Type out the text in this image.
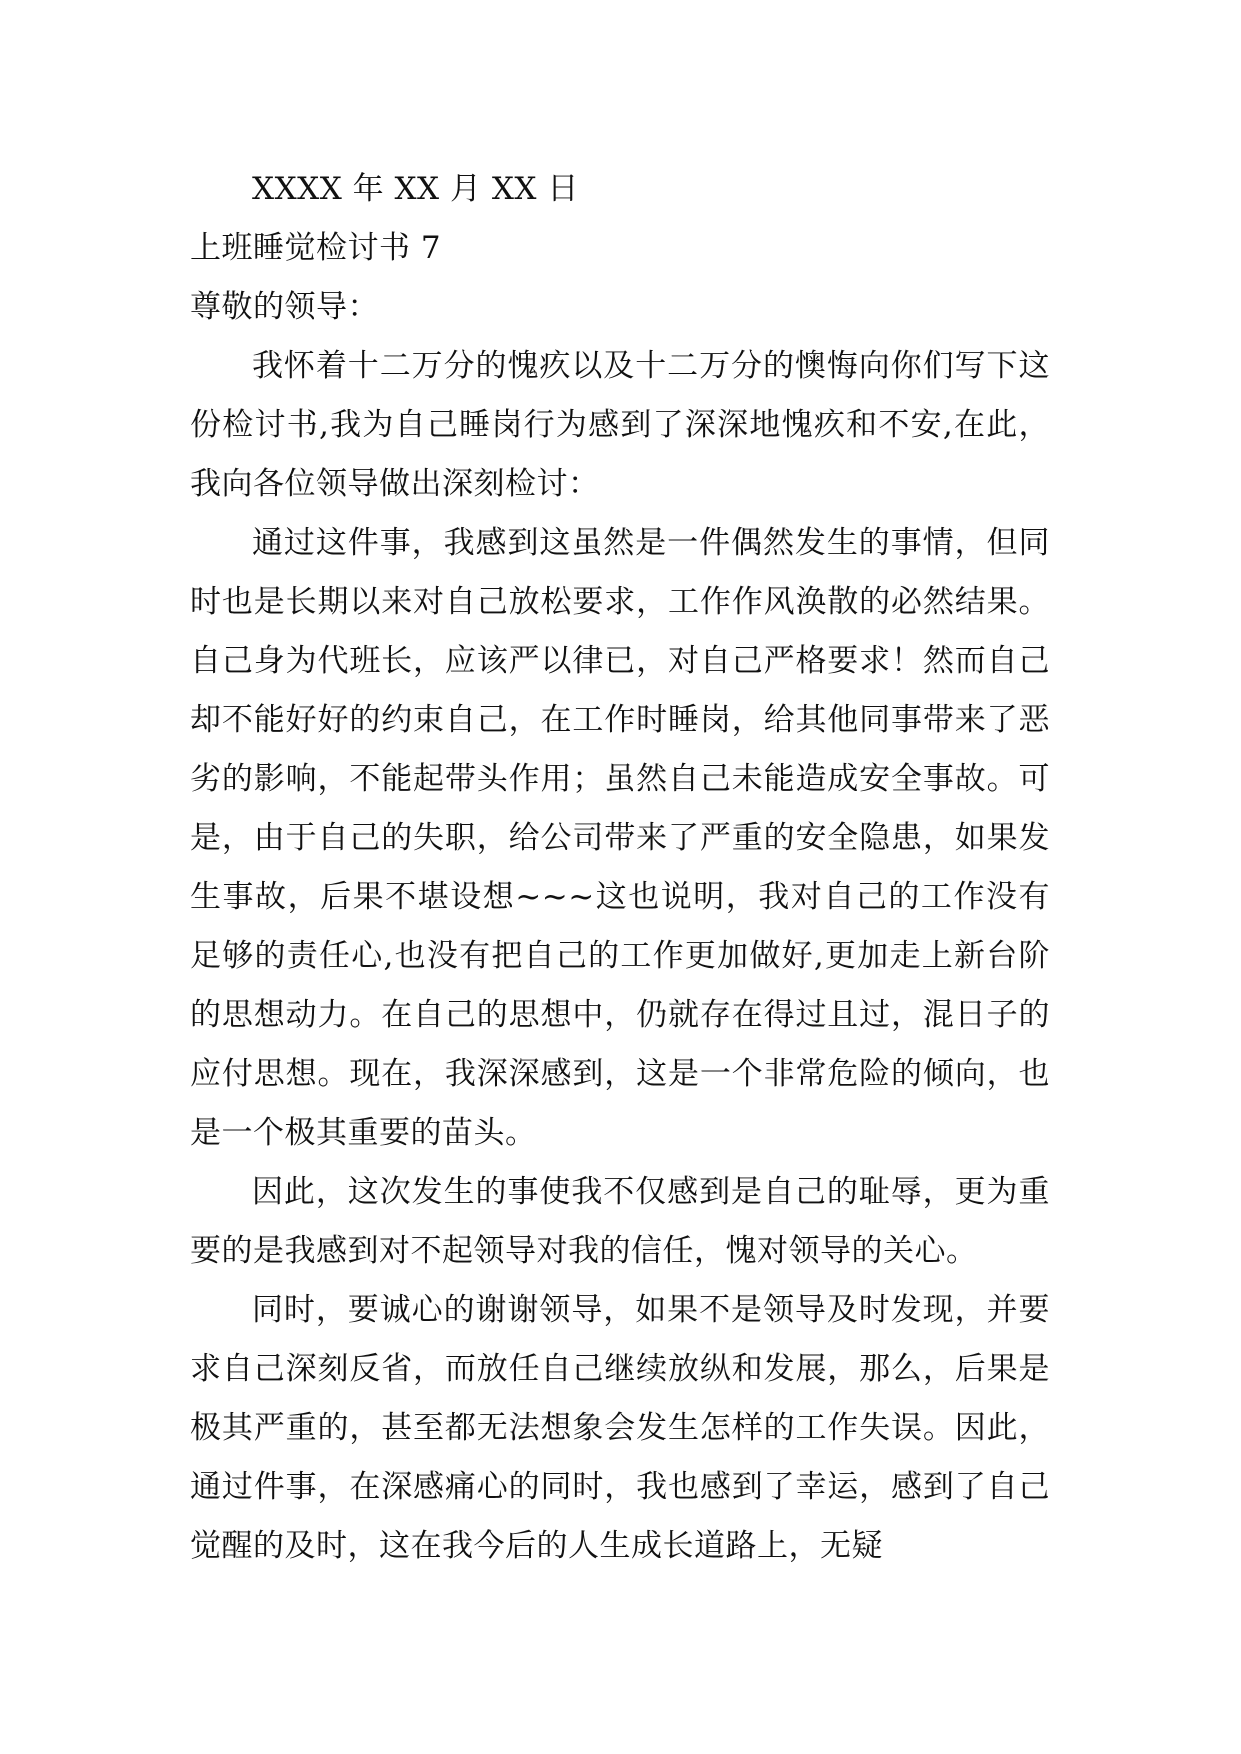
XXXX 年 XX 月 XX 日
上班睡觉检讨书 7
尊敬的领导：

我怀着十二万分的愧疚以及十二万分的懊悔向你们写下这份检讨书,我为自己睡岗行为感到了深深地愧疚和不安,在此，我向各位领导做出深刻检讨：

通过这件事，我感到这虽然是一件偶然发生的事情，但同时也是长期以来对自己放松要求，工作作风涣散的必然结果。自己身为代班长，应该严以律已，对自己严格要求！然而自己却不能好好的约束自己，在工作时睡岗，给其他同事带来了恶劣的影响，不能起带头作用；虽然自己未能造成安全事故。可是，由于自己的失职，给公司带来了严重的安全隐患，如果发生事故，后果不堪设想~~~这也说明，我对自己的工作没有足够的责任心,也没有把自己的工作更加做好,更加走上新台阶的思想动力。在自己的思想中，仍就存在得过且过，混日子的应付思想。现在，我深深感到，这是一个非常危险的倾向，也是一个极其重要的苗头。

因此，这次发生的事使我不仅感到是自己的耻辱，更为重要的是我感到对不起领导对我的信任，愧对领导的关心。

同时，要诚心的谢谢领导，如果不是领导及时发现，并要求自己深刻反省，而放任自己继续放纵和发展，那么，后果是极其严重的，甚至都无法想象会发生怎样的工作失误。因此，通过件事，在深感痛心的同时，我也感到了幸运，感到了自己觉醒的及时，这在我今后的人生成长道路上，无疑
